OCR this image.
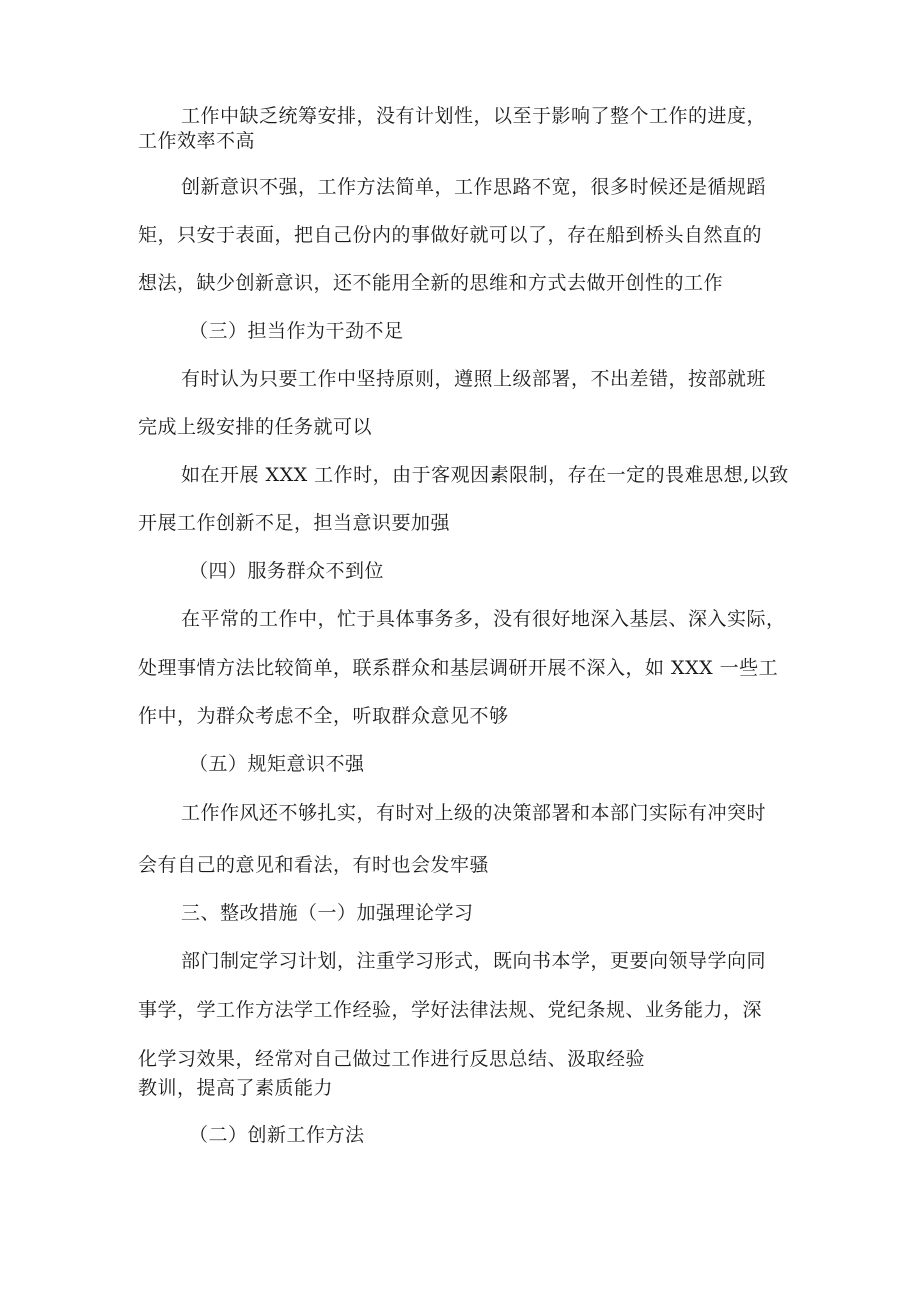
工作中缺乏统筹安排，没有计划性，以至于影响了整个工作的进度，
工作效率不高
创新意识不强，工作方法简单，工作思路不宽，很多时候还是循规蹈
矩，只安于表面，把自己份内的事做好就可以了，存在船到桥头自然直的
想法，缺少创新意识，还不能用全新的思维和方式去做开创性的工作
（三）担当作为干劲不足
有时认为只要工作中坚持原则，遵照上级部署，不出差错，按部就班
完成上级安排的任务就可以
如在开展 XXX 工作时，由于客观因素限制，存在一定的畏难思想,以致
开展工作创新不足，担当意识要加强
（四）服务群众不到位
在平常的工作中，忙于具体事务多，没有很好地深入基层、深入实际，
处理事情方法比较简单，联系群众和基层调研开展不深入，如 XXX 一些工
作中，为群众考虑不全，听取群众意见不够
（五）规矩意识不强
工作作风还不够扎实，有时对上级的决策部署和本部门实际有冲突时
会有自己的意见和看法，有时也会发牢骚
三、整改措施（一）加强理论学习
部门制定学习计划，注重学习形式，既向书本学，更要向领导学向同
事学，学工作方法学工作经验，学好法律法规、党纪条规、业务能力，深
化学习效果，经常对自己做过工作进行反思总结、汲取经验
教训，提高了素质能力
（二）创新工作方法
